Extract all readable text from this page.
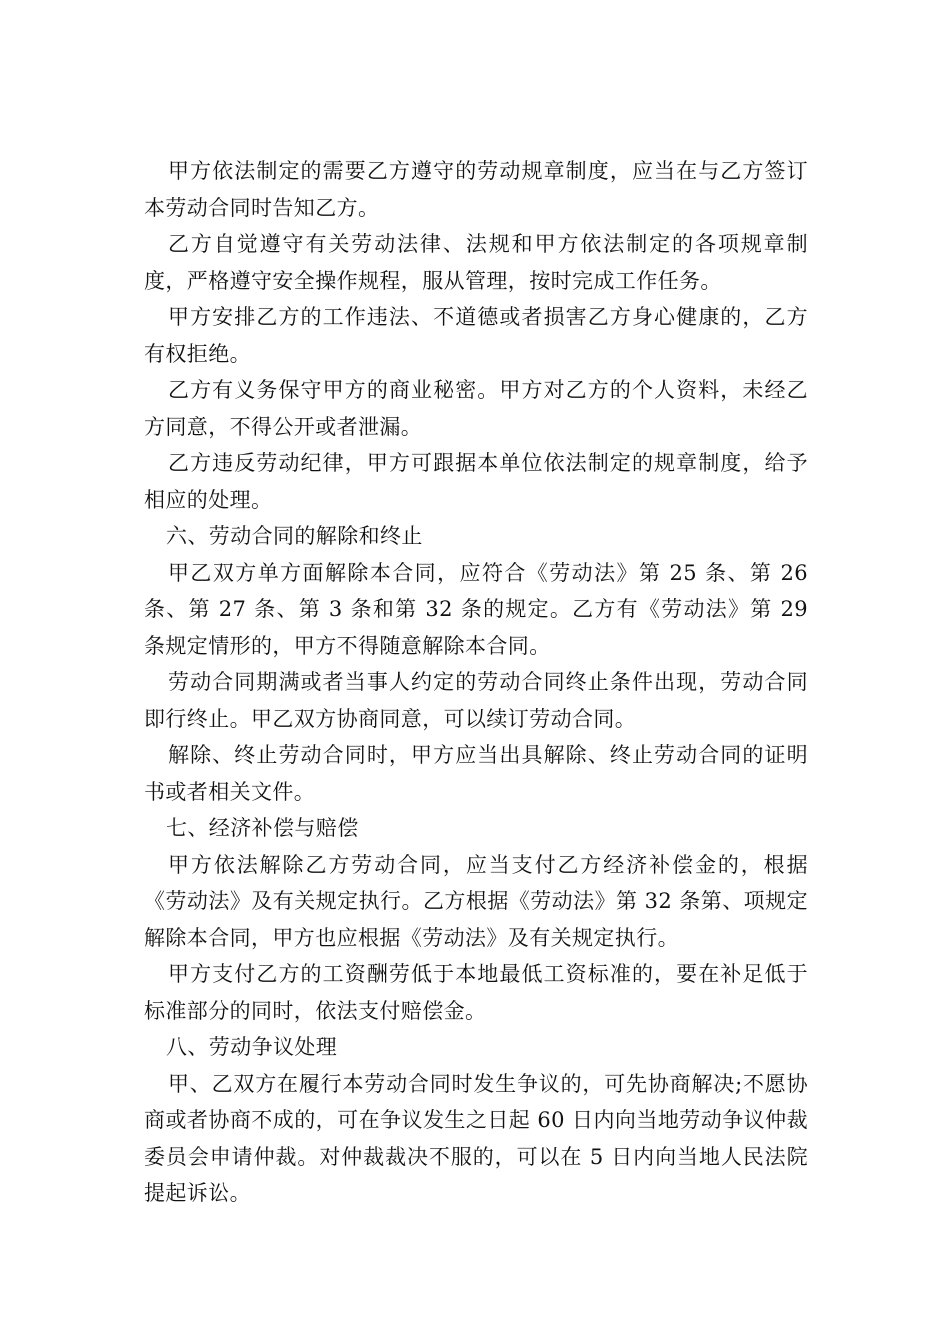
甲方依法制定的需要乙方遵守的劳动规章制度，应当在与乙方签订本劳动合同时告知乙方。

乙方自觉遵守有关劳动法律、法规和甲方依法制定的各项规章制度，严格遵守安全操作规程，服从管理，按时完成工作任务。

甲方安排乙方的工作违法、不道德或者损害乙方身心健康的，乙方有权拒绝。

乙方有义务保守甲方的商业秘密。甲方对乙方的个人资料，未经乙方同意，不得公开或者泄漏。

乙方违反劳动纪律，甲方可跟据本单位依法制定的规章制度，给予相应的处理。

六、劳动合同的解除和终止

甲乙双方单方面解除本合同，应符合《劳动法》第 25 条、第 26 条、第 27 条、第 3 条和第 32 条的规定。乙方有《劳动法》第 29 条规定情形的，甲方不得随意解除本合同。

劳动合同期满或者当事人约定的劳动合同终止条件出现，劳动合同即行终止。甲乙双方协商同意，可以续订劳动合同。

解除、终止劳动合同时，甲方应当出具解除、终止劳动合同的证明书或者相关文件。

七、经济补偿与赔偿

甲方依法解除乙方劳动合同，应当支付乙方经济补偿金的，根据《劳动法》及有关规定执行。乙方根据《劳动法》第 32 条第、项规定解除本合同，甲方也应根据《劳动法》及有关规定执行。

甲方支付乙方的工资酬劳低于本地最低工资标准的，要在补足低于标准部分的同时，依法支付赔偿金。

八、劳动争议处理

甲、乙双方在履行本劳动合同时发生争议的，可先协商解决;不愿协商或者协商不成的，可在争议发生之日起 60 日内向当地劳动争议仲裁委员会申请仲裁。对仲裁裁决不服的，可以在 5 日内向当地人民法院提起诉讼。
